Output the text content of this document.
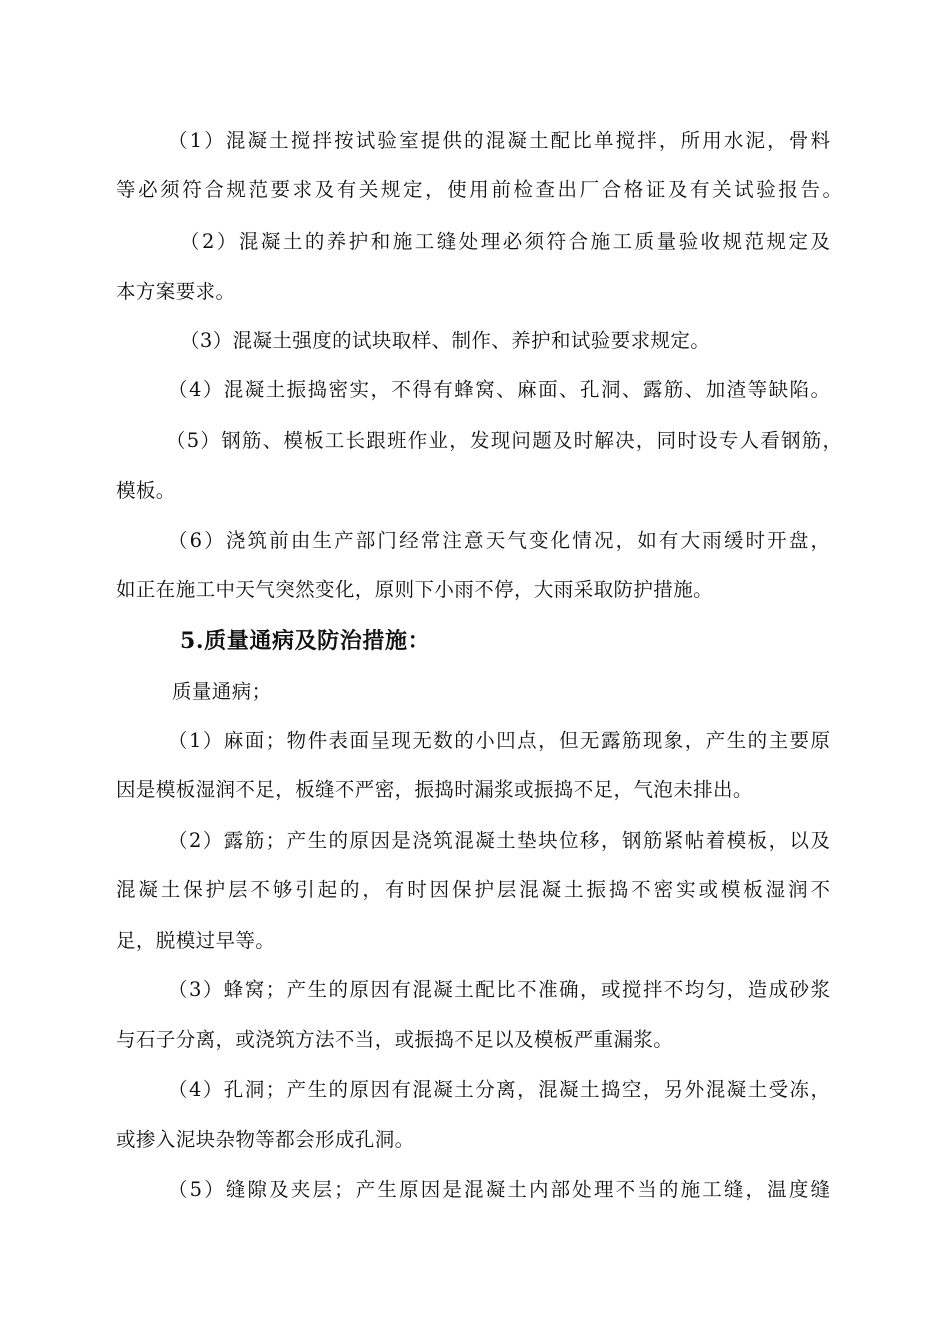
（1）混凝土搅拌按试验室提供的混凝土配比单搅拌，所用水泥，骨料
等必须符合规范要求及有关规定，使用前检查出厂合格证及有关试验报告。
（2）混凝土的养护和施工缝处理必须符合施工质量验收规范规定及
本方案要求。
（3）混凝土强度的试块取样、制作、养护和试验要求规定。
（4）混凝土振捣密实，不得有蜂窝、麻面、孔洞、露筋、加渣等缺陷。
（5）钢筋、模板工长跟班作业，发现问题及时解决，同时设专人看钢筋，
模板。
（6）浇筑前由生产部门经常注意天气变化情况，如有大雨缓时开盘，
如正在施工中天气突然变化，原则下小雨不停，大雨采取防护措施。
5.质量通病及防治措施：
质量通病；
（1）麻面；物件表面呈现无数的小凹点，但无露筋现象，产生的主要原
因是模板湿润不足，板缝不严密，振捣时漏浆或振捣不足，气泡未排出。
（2）露筋；产生的原因是浇筑混凝土垫块位移，钢筋紧帖着模板，以及
混凝土保护层不够引起的，有时因保护层混凝土振捣不密实或模板湿润不
足，脱模过早等。
（3）蜂窝；产生的原因有混凝土配比不准确，或搅拌不均匀，造成砂浆
与石子分离，或浇筑方法不当，或振捣不足以及模板严重漏浆。
（4）孔洞；产生的原因有混凝土分离，混凝土捣空，另外混凝土受冻，
或掺入泥块杂物等都会形成孔洞。
（5）缝隙及夹层；产生原因是混凝土内部处理不当的施工缝，温度缝
